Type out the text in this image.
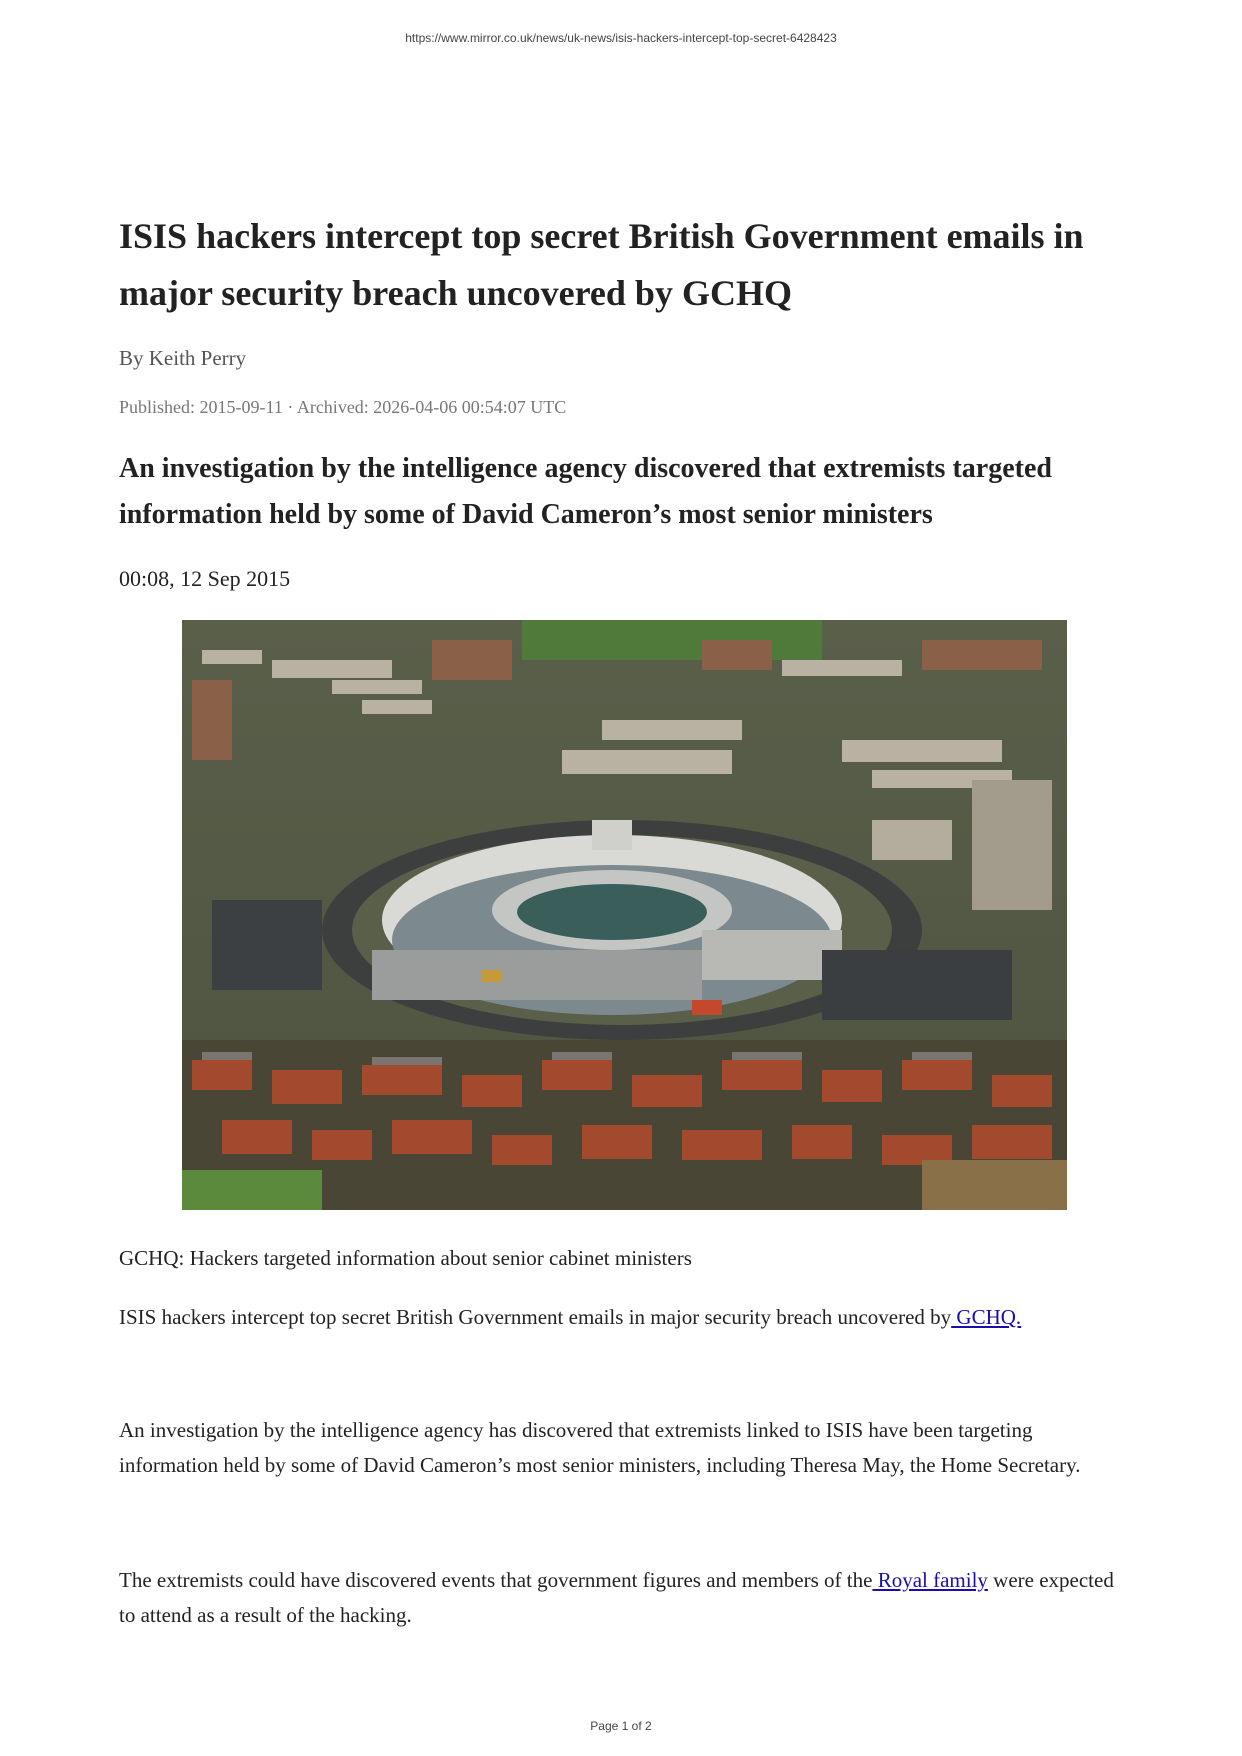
https://www.mirror.co.uk/news/uk-news/isis-hackers-intercept-top-secret-6428423
ISIS hackers intercept top secret British Government emails in major security breach uncovered by GCHQ
By Keith Perry
Published: 2015-09-11 · Archived: 2026-04-06 00:54:07 UTC
An investigation by the intelligence agency discovered that extremists targeted information held by some of David Cameron’s most senior ministers
00:08, 12 Sep 2015
GCHQ: Hackers targeted information about senior cabinet ministers

ISIS hackers intercept top secret British Government emails in major security breach uncovered by GCHQ.

An investigation by the intelligence agency has discovered that extremists linked to ISIS have been targeting information held by some of David Cameron’s most senior ministers, including Theresa May, the Home Secretary.

The extremists could have discovered events that government figures and members of the Royal family were expected to attend as a result of the hacking.

Page 1 of 2
